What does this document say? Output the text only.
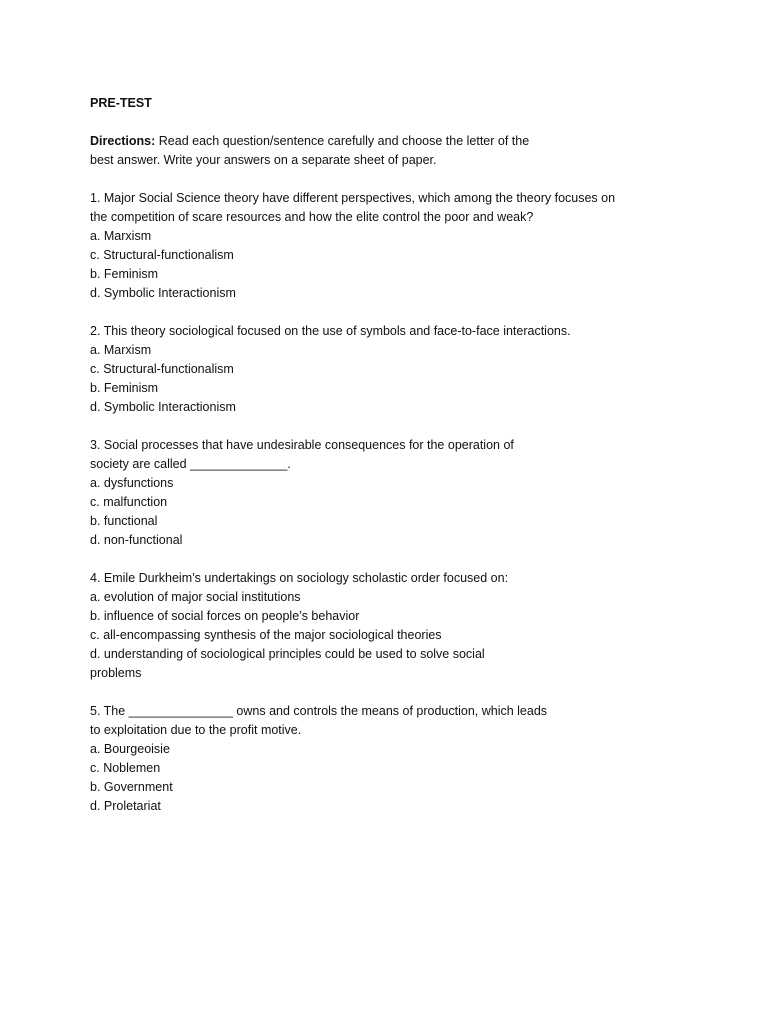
PRE-TEST
Directions: Read each question/sentence carefully and choose the letter of the
best answer. Write your answers on a separate sheet of paper.
1. Major Social Science theory have different perspectives, which among the theory focuses on
the competition of scare resources and how the elite control the poor and weak?
a. Marxism
c. Structural-functionalism
b. Feminism
d. Symbolic Interactionism
2. This theory sociological focused on the use of symbols and face-to-face interactions.
a. Marxism
c. Structural-functionalism
b. Feminism
d. Symbolic Interactionism
3. Social processes that have undesirable consequences for the operation of
society are called ______________.
a. dysfunctions
c. malfunction
b. functional
d. non-functional
4. Emile Durkheim’s undertakings on sociology scholastic order focused on:
a. evolution of major social institutions
b. influence of social forces on people’s behavior
c. all-encompassing synthesis of the major sociological theories
d. understanding of sociological principles could be used to solve social
problems
5. The _______________ owns and controls the means of production, which leads
to exploitation due to the profit motive.
a. Bourgeoisie
c. Noblemen
b. Government
d. Proletariat
